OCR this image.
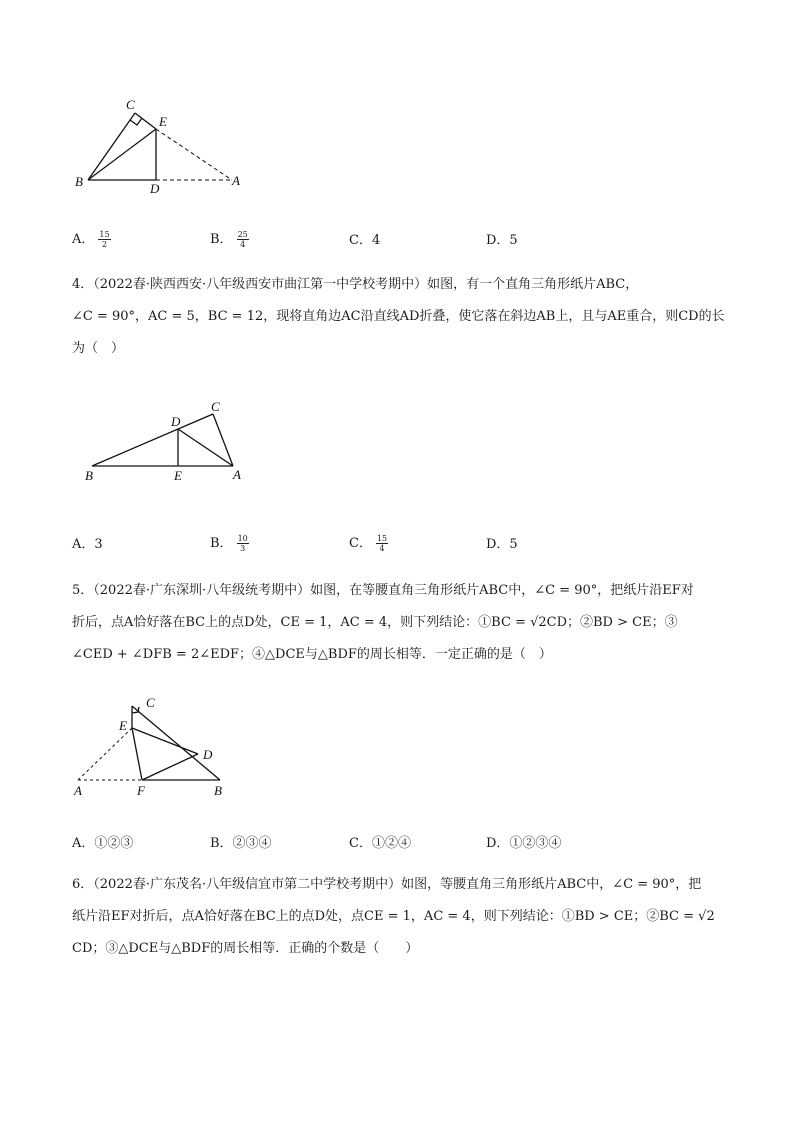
C
E
B	D
A
A． $\frac{15}{2}$	B． $\frac{25}{4}$	C．4	D．5

4．（2022春·陕西西安·八年级西安市曲江第一中学校考期中）如图，有一个直角三角形纸片ABC，

∠C = 90°，AC = 5，BC = 12，现将直角边AC沿直线AD折叠，使它落在斜边AB上，且与AE重合，则CD的长

为（　）

C
D
B	E	A
A．3	B． $\frac{10}{3}$	C． $\frac{15}{4}$	D．5

5．（2022春·广东深圳·八年级统考期中）如图，在等腰直角三角形纸片ABC中，∠C = 90°，把纸片沿EF对

折后，点A恰好落在BC上的点D处，CE = 1，AC = 4，则下列结论：①BC = √2CD；②BD > CE；③

∠CED + ∠DFB = 2∠EDF；④△DCE与△BDF的周长相等．一定正确的是（　）

C
E
D
A	F	B
A．①②③	B．②③④	C．①②④	D．①②③④

6．（2022春·广东茂名·八年级信宜市第二中学校考期中）如图，等腰直角三角形纸片ABC中，∠C = 90°，把

纸片沿EF对折后，点A恰好落在BC上的点D处，点CE = 1，AC = 4，则下列结论：①BD > CE；②BC = √2

CD；③△DCE与△BDF的周长相等．正确的个数是（　　）
